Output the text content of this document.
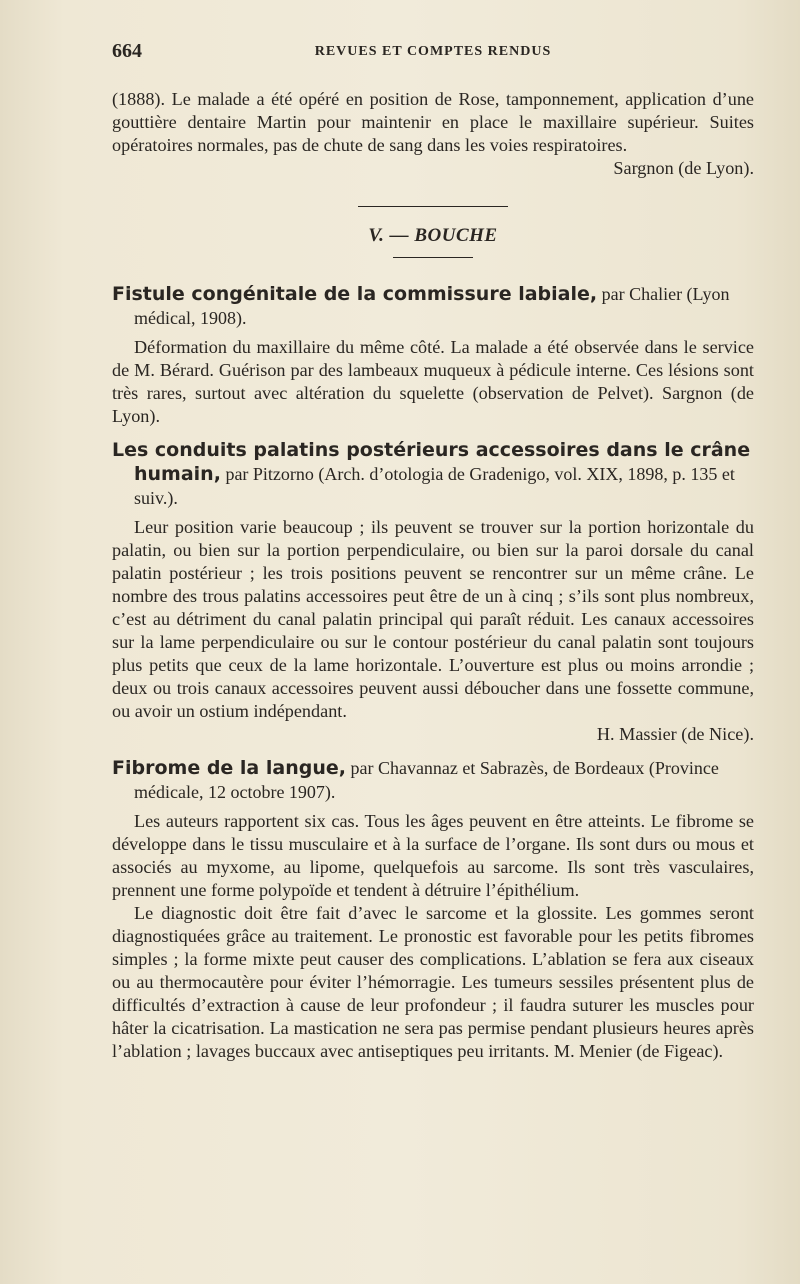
664	REVUES ET COMPTES RENDUS

(1888). Le malade a été opéré en position de Rose, tamponnement, application d’une gouttière dentaire Martin pour maintenir en place le maxillaire supérieur. Suites opératoires normales, pas de chute de sang dans les voies respiratoires.
Sargnon (de Lyon).

V. — BOUCHE
Fistule congénitale de la commissure labiale, par Chalier (Lyon médical, 1908).

Déformation du maxillaire du même côté. La malade a été observée dans le service de M. Bérard. Guérison par des lambeaux muqueux à pédicule interne. Ces lésions sont très rares, surtout avec altération du squelette (observation de Pelvet). Sargnon (de Lyon).

Les conduits palatins postérieurs accessoires dans le crâne humain, par Pitzorno (Arch. d’otologia de Gradenigo, vol. XIX, 1898, p. 135 et suiv.).

Leur position varie beaucoup ; ils peuvent se trouver sur la portion horizontale du palatin, ou bien sur la portion perpendiculaire, ou bien sur la paroi dorsale du canal palatin postérieur ; les trois positions peuvent se rencontrer sur un même crâne. Le nombre des trous palatins accessoires peut être de un à cinq ; s’ils sont plus nombreux, c’est au détriment du canal palatin principal qui paraît réduit. Les canaux accessoires sur la lame perpendiculaire ou sur le contour postérieur du canal palatin sont toujours plus petits que ceux de la lame horizontale. L’ouverture est plus ou moins arrondie ; deux ou trois canaux accessoires peuvent aussi déboucher dans une fossette commune, ou avoir un ostium indépendant.

H. Massier (de Nice).

Fibrome de la langue, par Chavannaz et Sabrazès, de Bordeaux (Province médicale, 12 octobre 1907).

Les auteurs rapportent six cas. Tous les âges peuvent en être atteints. Le fibrome se développe dans le tissu musculaire et à la surface de l’organe. Ils sont durs ou mous et associés au myxome, au lipome, quelquefois au sarcome. Ils sont très vasculaires, prennent une forme polypoïde et tendent à détruire l’épithélium.

Le diagnostic doit être fait d’avec le sarcome et la glossite. Les gommes seront diagnostiquées grâce au traitement. Le pronostic est favorable pour les petits fibromes simples ; la forme mixte peut causer des complications. L’ablation se fera aux ciseaux ou au thermocautère pour éviter l’hémorragie. Les tumeurs sessiles présentent plus de difficultés d’extraction à cause de leur profondeur ; il faudra suturer les muscles pour hâter la cicatrisation. La mastication ne sera pas permise pendant plusieurs heures après l’ablation ; lavages buccaux avec antiseptiques peu irritants. M. Menier (de Figeac).
